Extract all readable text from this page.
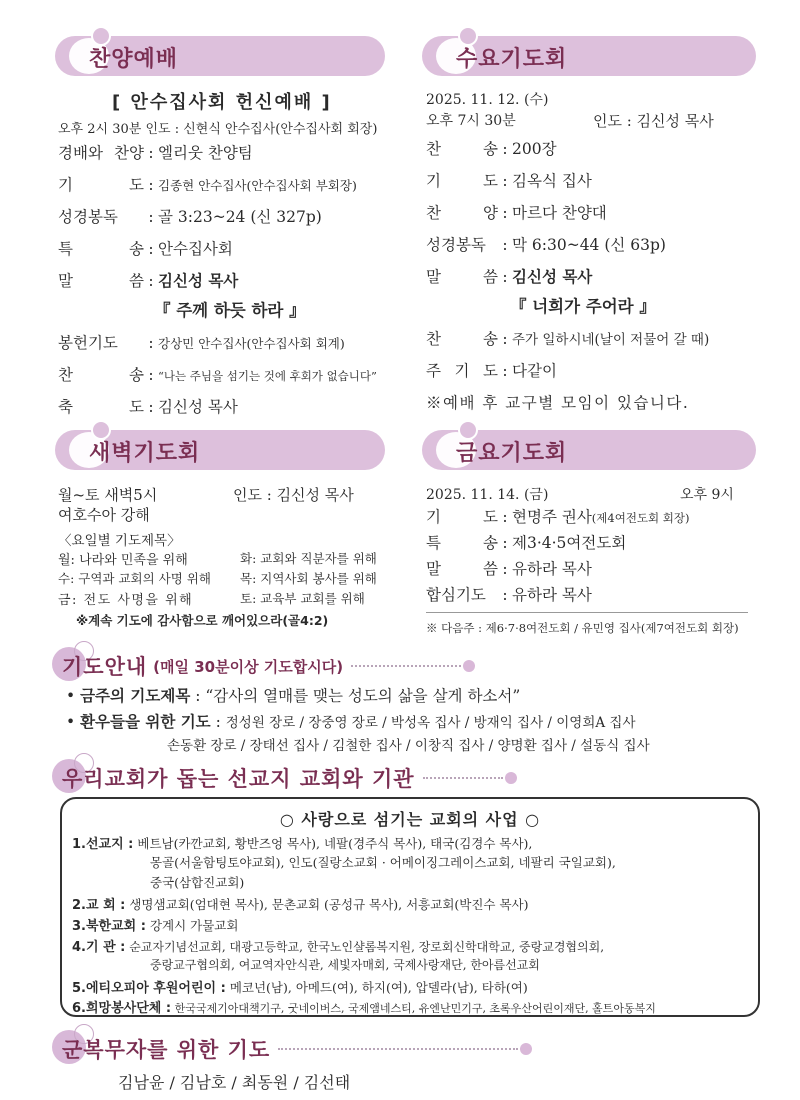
찬양예배
[ 안수집사회 헌신예배 ]
오후 2시 30분 인도 : 신현식 안수집사(안수집사회 회장)
경배와 찬양 : 엘리웃 찬양팀
기 도 : 김종현 안수집사(안수집사회 부회장)
성경봉독 : 골 3:23~24 (신 327p)
특 송 : 안수집사회
말 씀 : 김신성 목사
『 주께 하듯 하라 』
봉헌기도 : 강상민 안수집사(안수집사회 회계)
찬 송 : “나는 주님을 섬기는 것에 후회가 없습니다”
축 도 : 김신성 목사
수요기도회
2025. 11. 12. (수)
오후 7시 30분	인도 : 김신성 목사
찬 송 : 200장
기 도 : 김옥식 집사
찬 양 : 마르다 찬양대
성경봉독 : 막 6:30~44 (신 63p)
말 씀 : 김신성 목사
『 너희가 주어라 』
찬 송 : 주가 일하시네(날이 저물어 갈 때)
주 기 도 : 다같이
※예배 후 교구별 모임이 있습니다.
새벽기도회
월~토 새벽5시	인도 : 김신성 목사
여호수아 강해
〈요일별 기도제목〉
월: 나라와 민족을 위해	화: 교회와 직분자를 위해
수: 구역과 교회의 사명 위해 목: 지역사회 봉사를 위해
금: 전도 사명을 위해	토: 교육부 교회를 위해
※계속 기도에 감사함으로 깨어있으라(골4:2)
금요기도회
2025. 11. 14. (금)	오후 9시
기 도 : 현명주 권사(제4여전도회 회장)
특 송 : 제3·4·5여전도회
말 씀 : 유하라 목사
합심기도 : 유하라 목사
※ 다음주 : 제6·7·8여전도회 / 유민영 집사(제7여전도회 회장)
기도안내 (매일 30분이상 기도합시다)
• 금주의 기도제목 : “감사의 열매를 맺는 성도의 삶을 살게 하소서”
• 환우들을 위한 기도 : 정성원 장로 / 장중영 장로 / 박성옥 집사 / 방재익 집사 / 이영희A 집사
손동환 장로 / 장태선 집사 / 김철한 집사 / 이창직 집사 / 양명환 집사 / 설동식 집사
우리교회가 돕는 선교지 교회와 기관
○ 사랑으로 섬기는 교회의 사업 ○
1.선교지 : 베트남(카깐교회, 황반즈엉 목사), 네팔(경주식 목사), 태국(김경수 목사),
몽골(서울함팅토야교회), 인도(질랑소교회 · 어메이징그레이스교회, 네팔리 국일교회),
중국(삼합진교회)
2.교 회 : 생명샘교회(엄대현 목사), 문촌교회 (공성규 목사), 서흥교회(박진수 목사)
3.북한교회 : 강계시 가물교회
4.기 관 : 순교자기념선교회, 대광고등학교, 한국노인샬롬복지원, 장로회신학대학교, 중랑교경협의회,
중랑교구협의회, 여교역자안식관, 세빛자매회, 국제사랑재단, 한아름선교회
5.에티오피아 후원어린이 : 메코넌(남), 아메드(여), 하지(여), 압델라(남), 타하(여)
6.희망봉사단체 : 한국국제기아대책기구, 굿네이버스, 국제앰네스티, 유엔난민기구, 초록우산어린이재단, 홀트아동복지
군복무자를 위한 기도
김남윤 / 김남호 / 최동원 / 김선태
